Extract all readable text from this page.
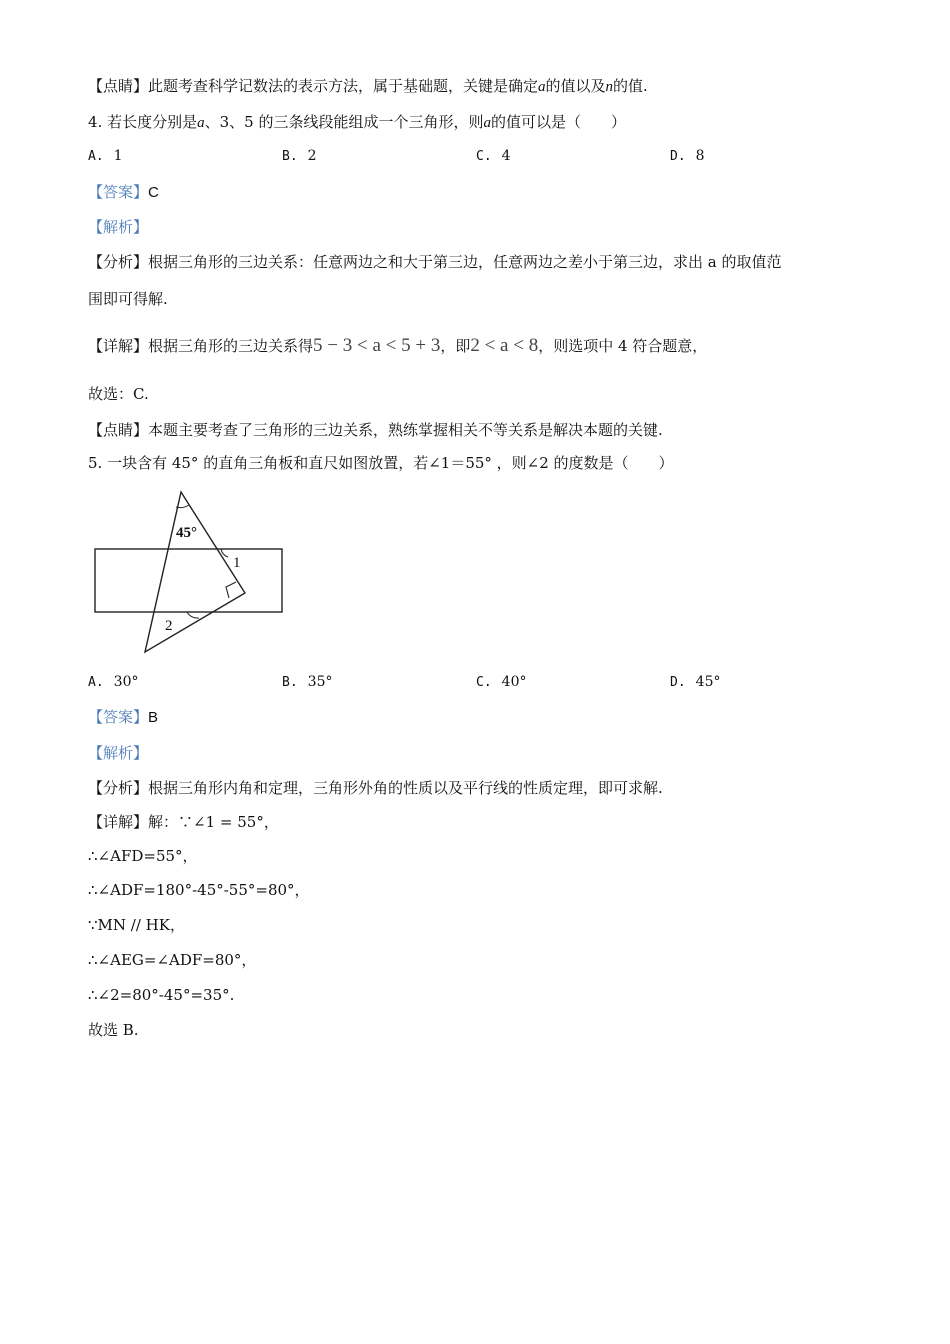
【点睛】此题考查科学记数法的表示方法，属于基础题，关键是确定a的值以及n的值.
4. 若长度分别是a、3、5 的三条线段能组成一个三角形，则a的值可以是（　　）
A. 1	B. 2	C. 4	D. 8
【答案】C
【解析】
【分析】根据三角形的三边关系：任意两边之和大于第三边，任意两边之差小于第三边，求出 a 的取值范
围即可得解.
【详解】根据三角形的三边关系得5 − 3 < a < 5 + 3，即2 < a < 8，则选项中 4 符合题意，
故选：C.
【点睛】本题主要考查了三角形的三边关系，熟练掌握相关不等关系是解决本题的关键.
5. 一块含有 45° 的直角三角板和直尺如图放置，若∠1＝55° ，则∠2 的度数是（　　）
45°
1
2
A. 30°	B. 35°	C. 40°	D. 45°
【答案】B
【解析】
【分析】根据三角形内角和定理，三角形外角的性质以及平行线的性质定理，即可求解.
【详解】解：∵∠1 = 55°，
∴∠AFD=55°，
∴∠ADF=180°-45°-55°=80°，
∵MN // HK，
∴∠AEG=∠ADF=80°，
∴∠2=80°-45°=35°.
故选 B.
